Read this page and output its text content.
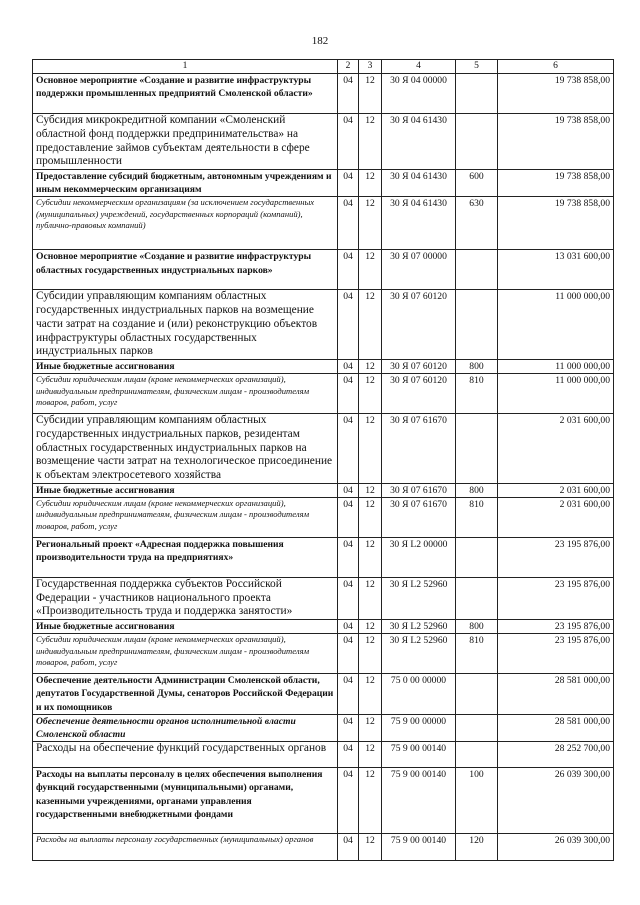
182
1	2	3	4	5	6
Основное мероприятие «Создание и развитие инфраструктуры поддержки промышленных предприятий Смоленской области»	04	12	30 Я 04 00000		19 738 858,00
Субсидия микрокредитной компании «Смоленский областной фонд поддержки предпринимательства» на предоставление займов субъектам деятельности в сфере промышленности	04	12	30 Я 04 61430		19 738 858,00
Предоставление субсидий бюджетным, автономным учреждениям и иным некоммерческим организациям	04	12	30 Я 04 61430	600	19 738 858,00
Субсидии некоммерческим организациям (за исключением государственных (муниципальных) учреждений, государственных корпораций (компаний), публично-правовых компаний)	04	12	30 Я 04 61430	630	19 738 858,00
Основное мероприятие «Создание и развитие инфраструктуры областных государственных индустриальных парков»	04	12	30 Я 07 00000		13 031 600,00
Субсидии управляющим компаниям областных государственных индустриальных парков на возмещение части затрат на создание и (или) реконструкцию объектов инфраструктуры областных государственных индустриальных парков	04	12	30 Я 07 60120		11 000 000,00
Иные бюджетные ассигнования	04	12	30 Я 07 60120	800	11 000 000,00
Субсидии юридическим лицам (кроме некоммерческих организаций), индивидуальным предпринимателям, физическим лицам - производителям товаров, работ, услуг	04	12	30 Я 07 60120	810	11 000 000,00
Субсидии управляющим компаниям областных государственных индустриальных парков, резидентам областных государственных индустриальных парков на возмещение части затрат на технологическое присоединение к объектам электросетевого хозяйства	04	12	30 Я 07 61670		2 031 600,00
Иные бюджетные ассигнования	04	12	30 Я 07 61670	800	2 031 600,00
Субсидии юридическим лицам (кроме некоммерческих организаций), индивидуальным предпринимателям, физическим лицам - производителям товаров, работ, услуг	04	12	30 Я 07 61670	810	2 031 600,00
Региональный проект «Адресная поддержка повышения производительности труда на предприятиях»	04	12	30 Я L2 00000		23 195 876,00
Государственная поддержка субъектов Российской Федерации - участников национального проекта «Производительность труда и поддержка занятости»	04	12	30 Я L2 52960		23 195 876,00
Иные бюджетные ассигнования	04	12	30 Я L2 52960	800	23 195 876,00
Субсидии юридическим лицам (кроме некоммерческих организаций), индивидуальным предпринимателям, физическим лицам - производителям товаров, работ, услуг	04	12	30 Я L2 52960	810	23 195 876,00
Обеспечение деятельности Администрации Смоленской области, депутатов Государственной Думы, сенаторов Российской Федерации и их помощников	04	12	75 0 00 00000		28 581 000,00
Обеспечение деятельности органов исполнительной власти Смоленской области	04	12	75 9 00 00000		28 581 000,00
Расходы на обеспечение функций государственных органов	04	12	75 9 00 00140		28 252 700,00
Расходы на выплаты персоналу в целях обеспечения выполнения функций государственными (муниципальными) органами, казенными учреждениями, органами управления государственными внебюджетными фондами	04	12	75 9 00 00140	100	26 039 300,00
Расходы на выплаты персоналу государственных (муниципальных) органов	04	12	75 9 00 00140	120	26 039 300,00
